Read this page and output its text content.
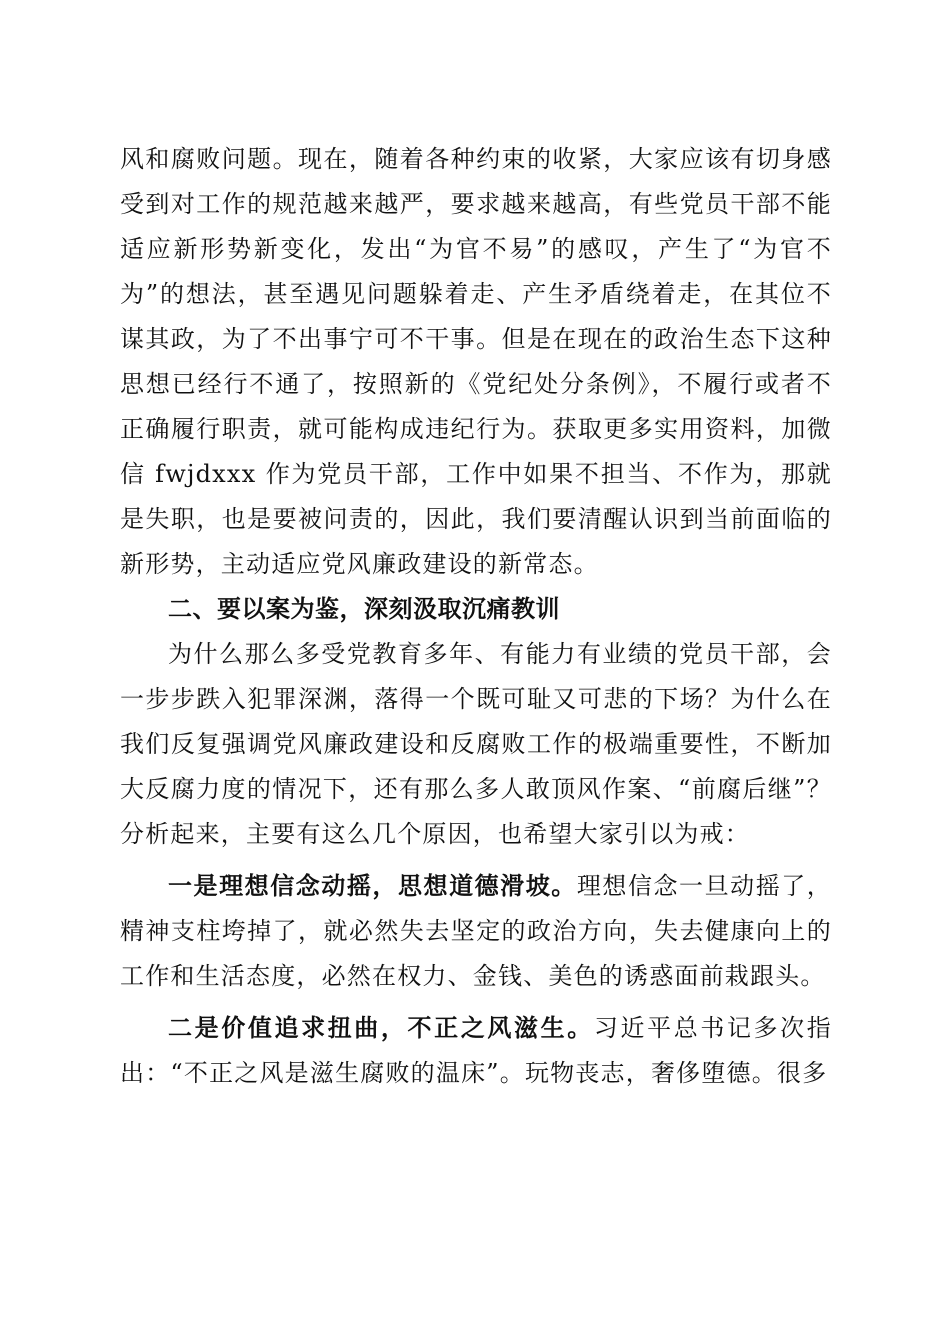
风和腐败问题。现在，随着各种约束的收紧，大家应该有切身感受到对工作的规范越来越严，要求越来越高，有些党员干部不能适应新形势新变化，发出“为官不易”的感叹，产生了“为官不为”的想法，甚至遇见问题躲着走、产生矛盾绕着走，在其位不谋其政，为了不出事宁可不干事。但是在现在的政治生态下这种思想已经行不通了，按照新的《党纪处分条例》，不履行或者不正确履行职责，就可能构成违纪行为。获取更多实用资料，加微信 fwjdxxx 作为党员干部，工作中如果不担当、不作为，那就是失职，也是要被问责的，因此，我们要清醒认识到当前面临的新形势，主动适应党风廉政建设的新常态。

二、要以案为鉴，深刻汲取沉痛教训

为什么那么多受党教育多年、有能力有业绩的党员干部，会一步步跌入犯罪深渊，落得一个既可耻又可悲的下场？为什么在我们反复强调党风廉政建设和反腐败工作的极端重要性，不断加大反腐力度的情况下，还有那么多人敢顶风作案、“前腐后继”？分析起来，主要有这么几个原因，也希望大家引以为戒：

一是理想信念动摇，思想道德滑坡。理想信念一旦动摇了，精神支柱垮掉了，就必然失去坚定的政治方向，失去健康向上的工作和生活态度，必然在权力、金钱、美色的诱惑面前栽跟头。

二是价值追求扭曲，不正之风滋生。习近平总书记多次指出：“不正之风是滋生腐败的温床”。玩物丧志，奢侈堕德。很多
